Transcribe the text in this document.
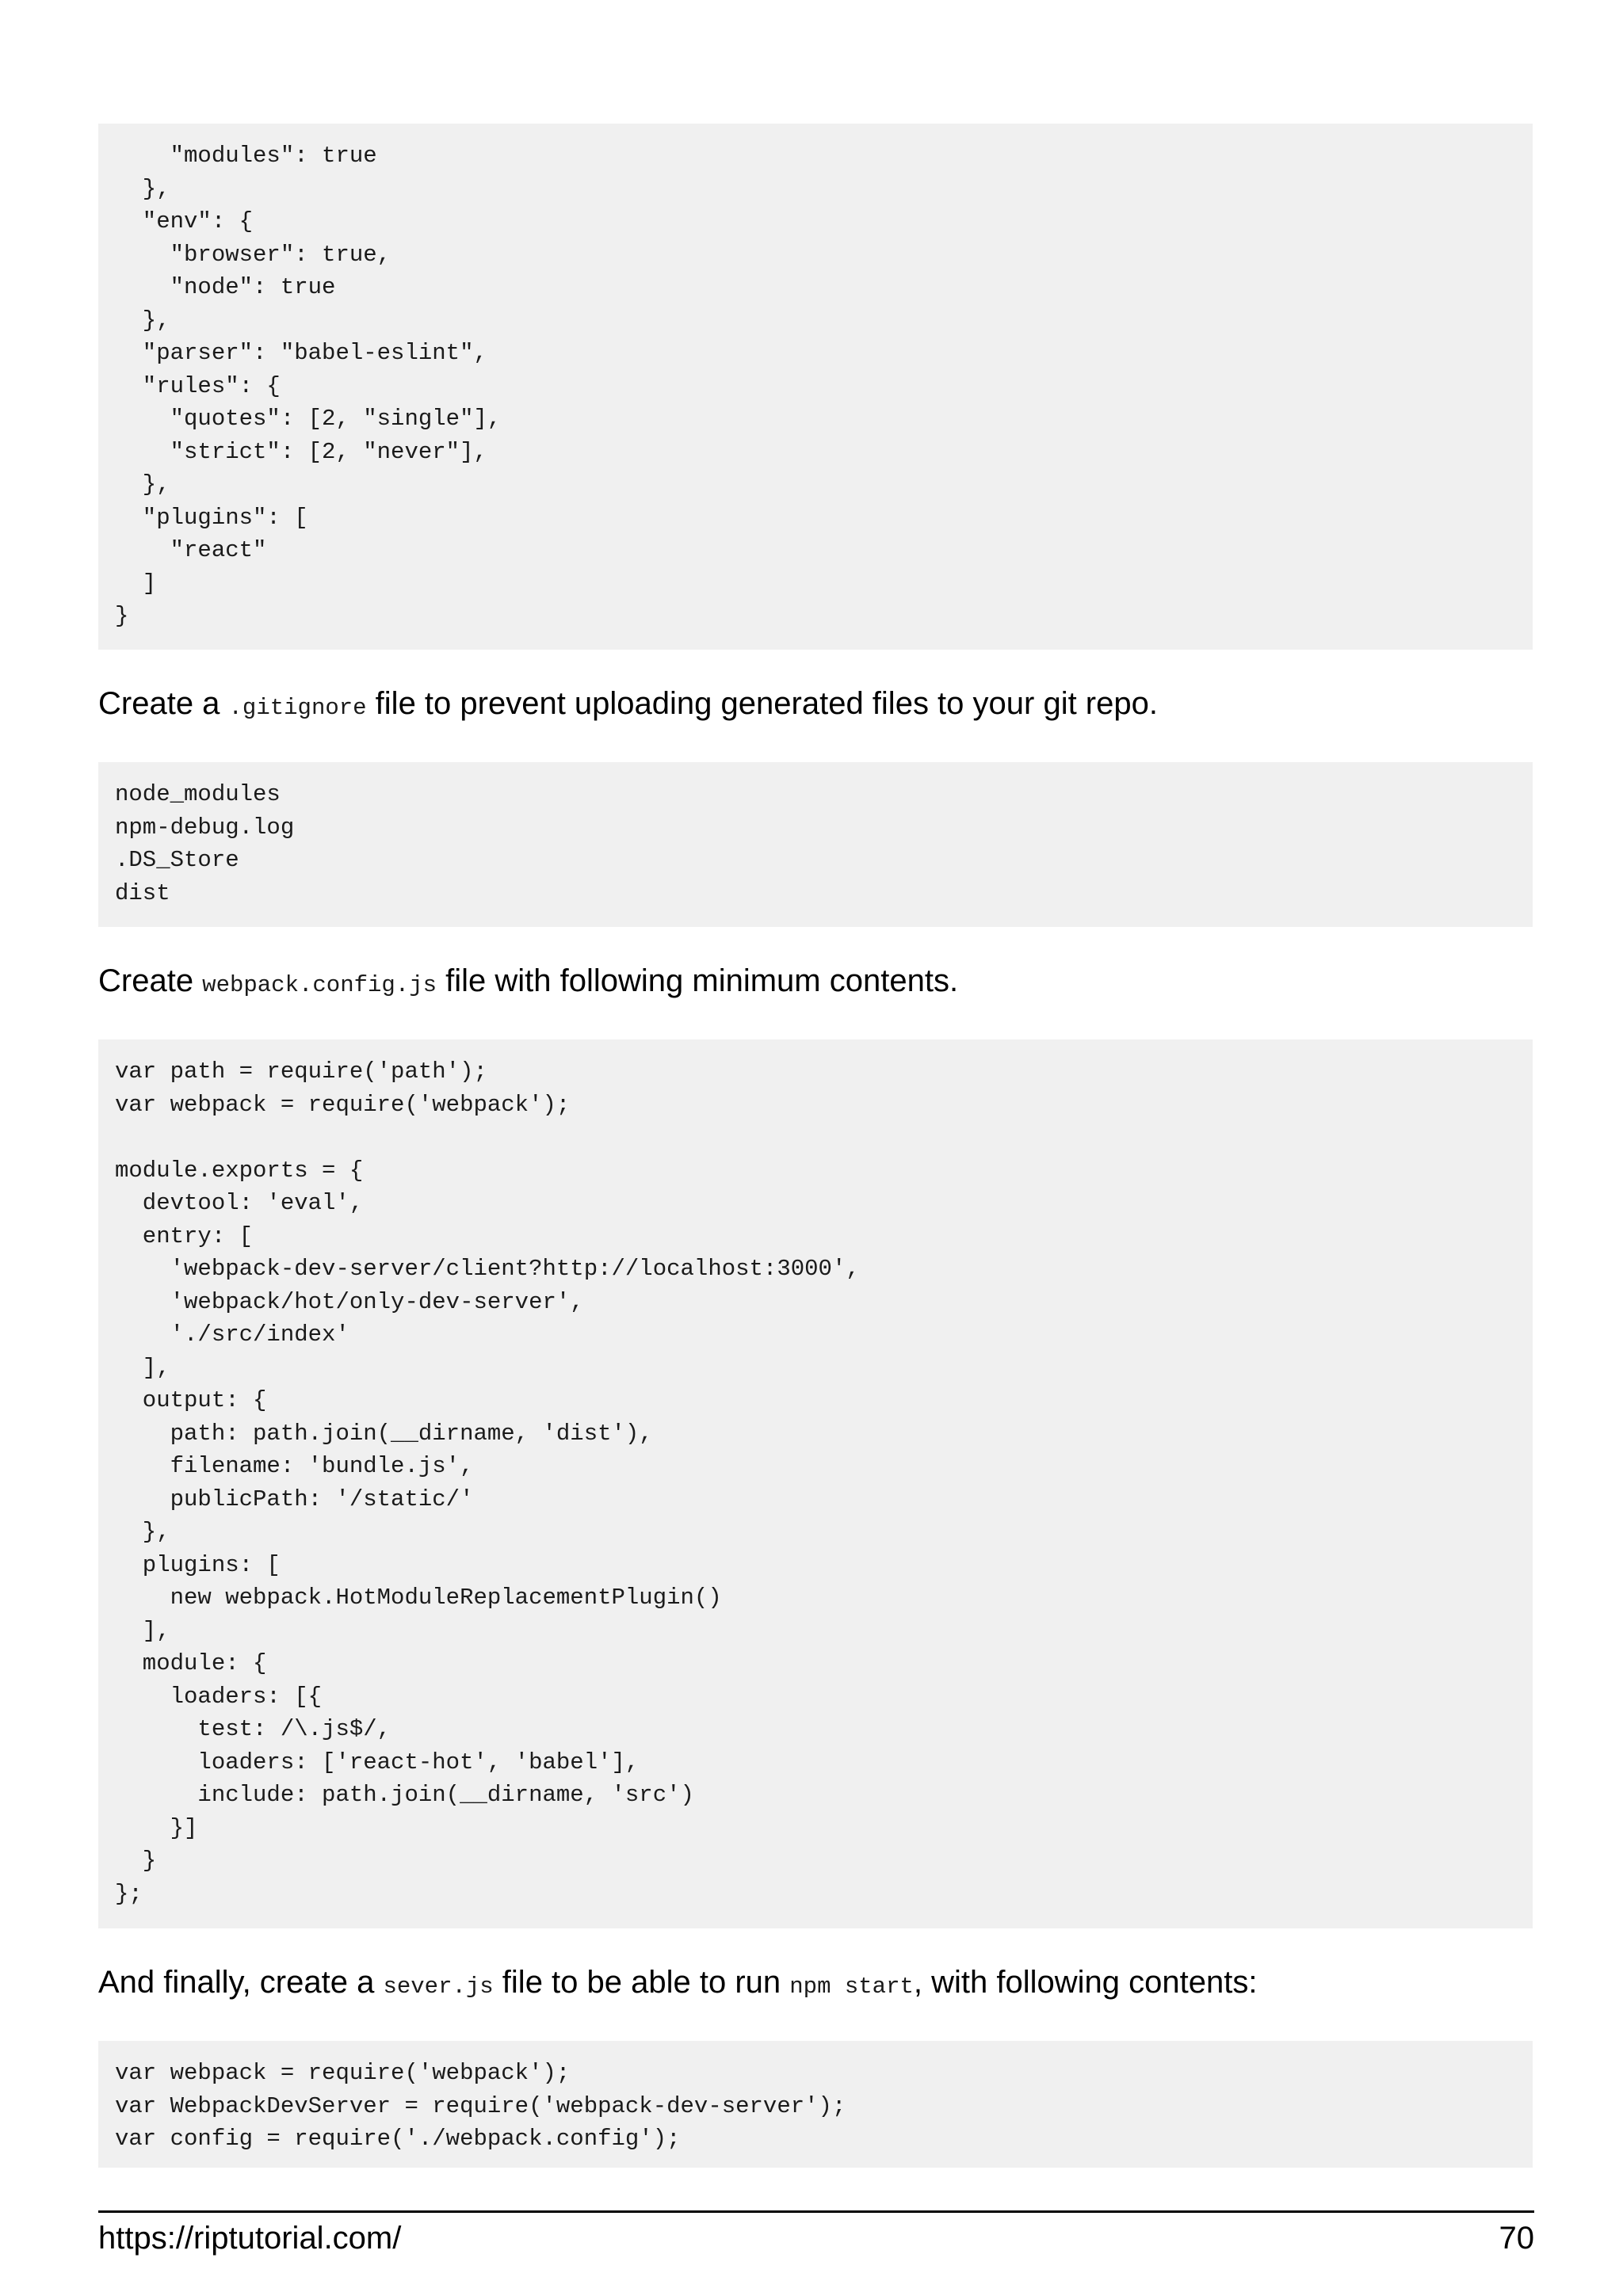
"modules": true
},
"env": {
"browser": true,
"node": true
},
"parser": "babel-eslint",
"rules": {
"quotes": [2, "single"],
"strict": [2, "never"],
},
"plugins": [
"react"
]
}

Create a .gitignore file to prevent uploading generated files to your git repo.

node_modules
npm-debug.log
.DS_Store
dist

Create webpack.config.js file with following minimum contents.

var path = require('path');
var webpack = require('webpack');
module.exports = {
devtool: 'eval',
entry: [
'webpack-dev-server/client?http://localhost:3000',
'webpack/hot/only-dev-server',
'./src/index'
],
output: {
path: path.join(__dirname, 'dist'),
filename: 'bundle.js',
publicPath: '/static/'
},
plugins: [
new webpack.HotModuleReplacementPlugin()
],
module: {
loaders: [{
test: /\.js$/,
loaders: ['react-hot', 'babel'],
include: path.join(__dirname, 'src')
}]
}
};

And finally, create a sever.js file to be able to run npm start, with following contents:

var webpack = require('webpack');
var WebpackDevServer = require('webpack-dev-server');
var config = require('./webpack.config');
https://riptutorial.com/	70
